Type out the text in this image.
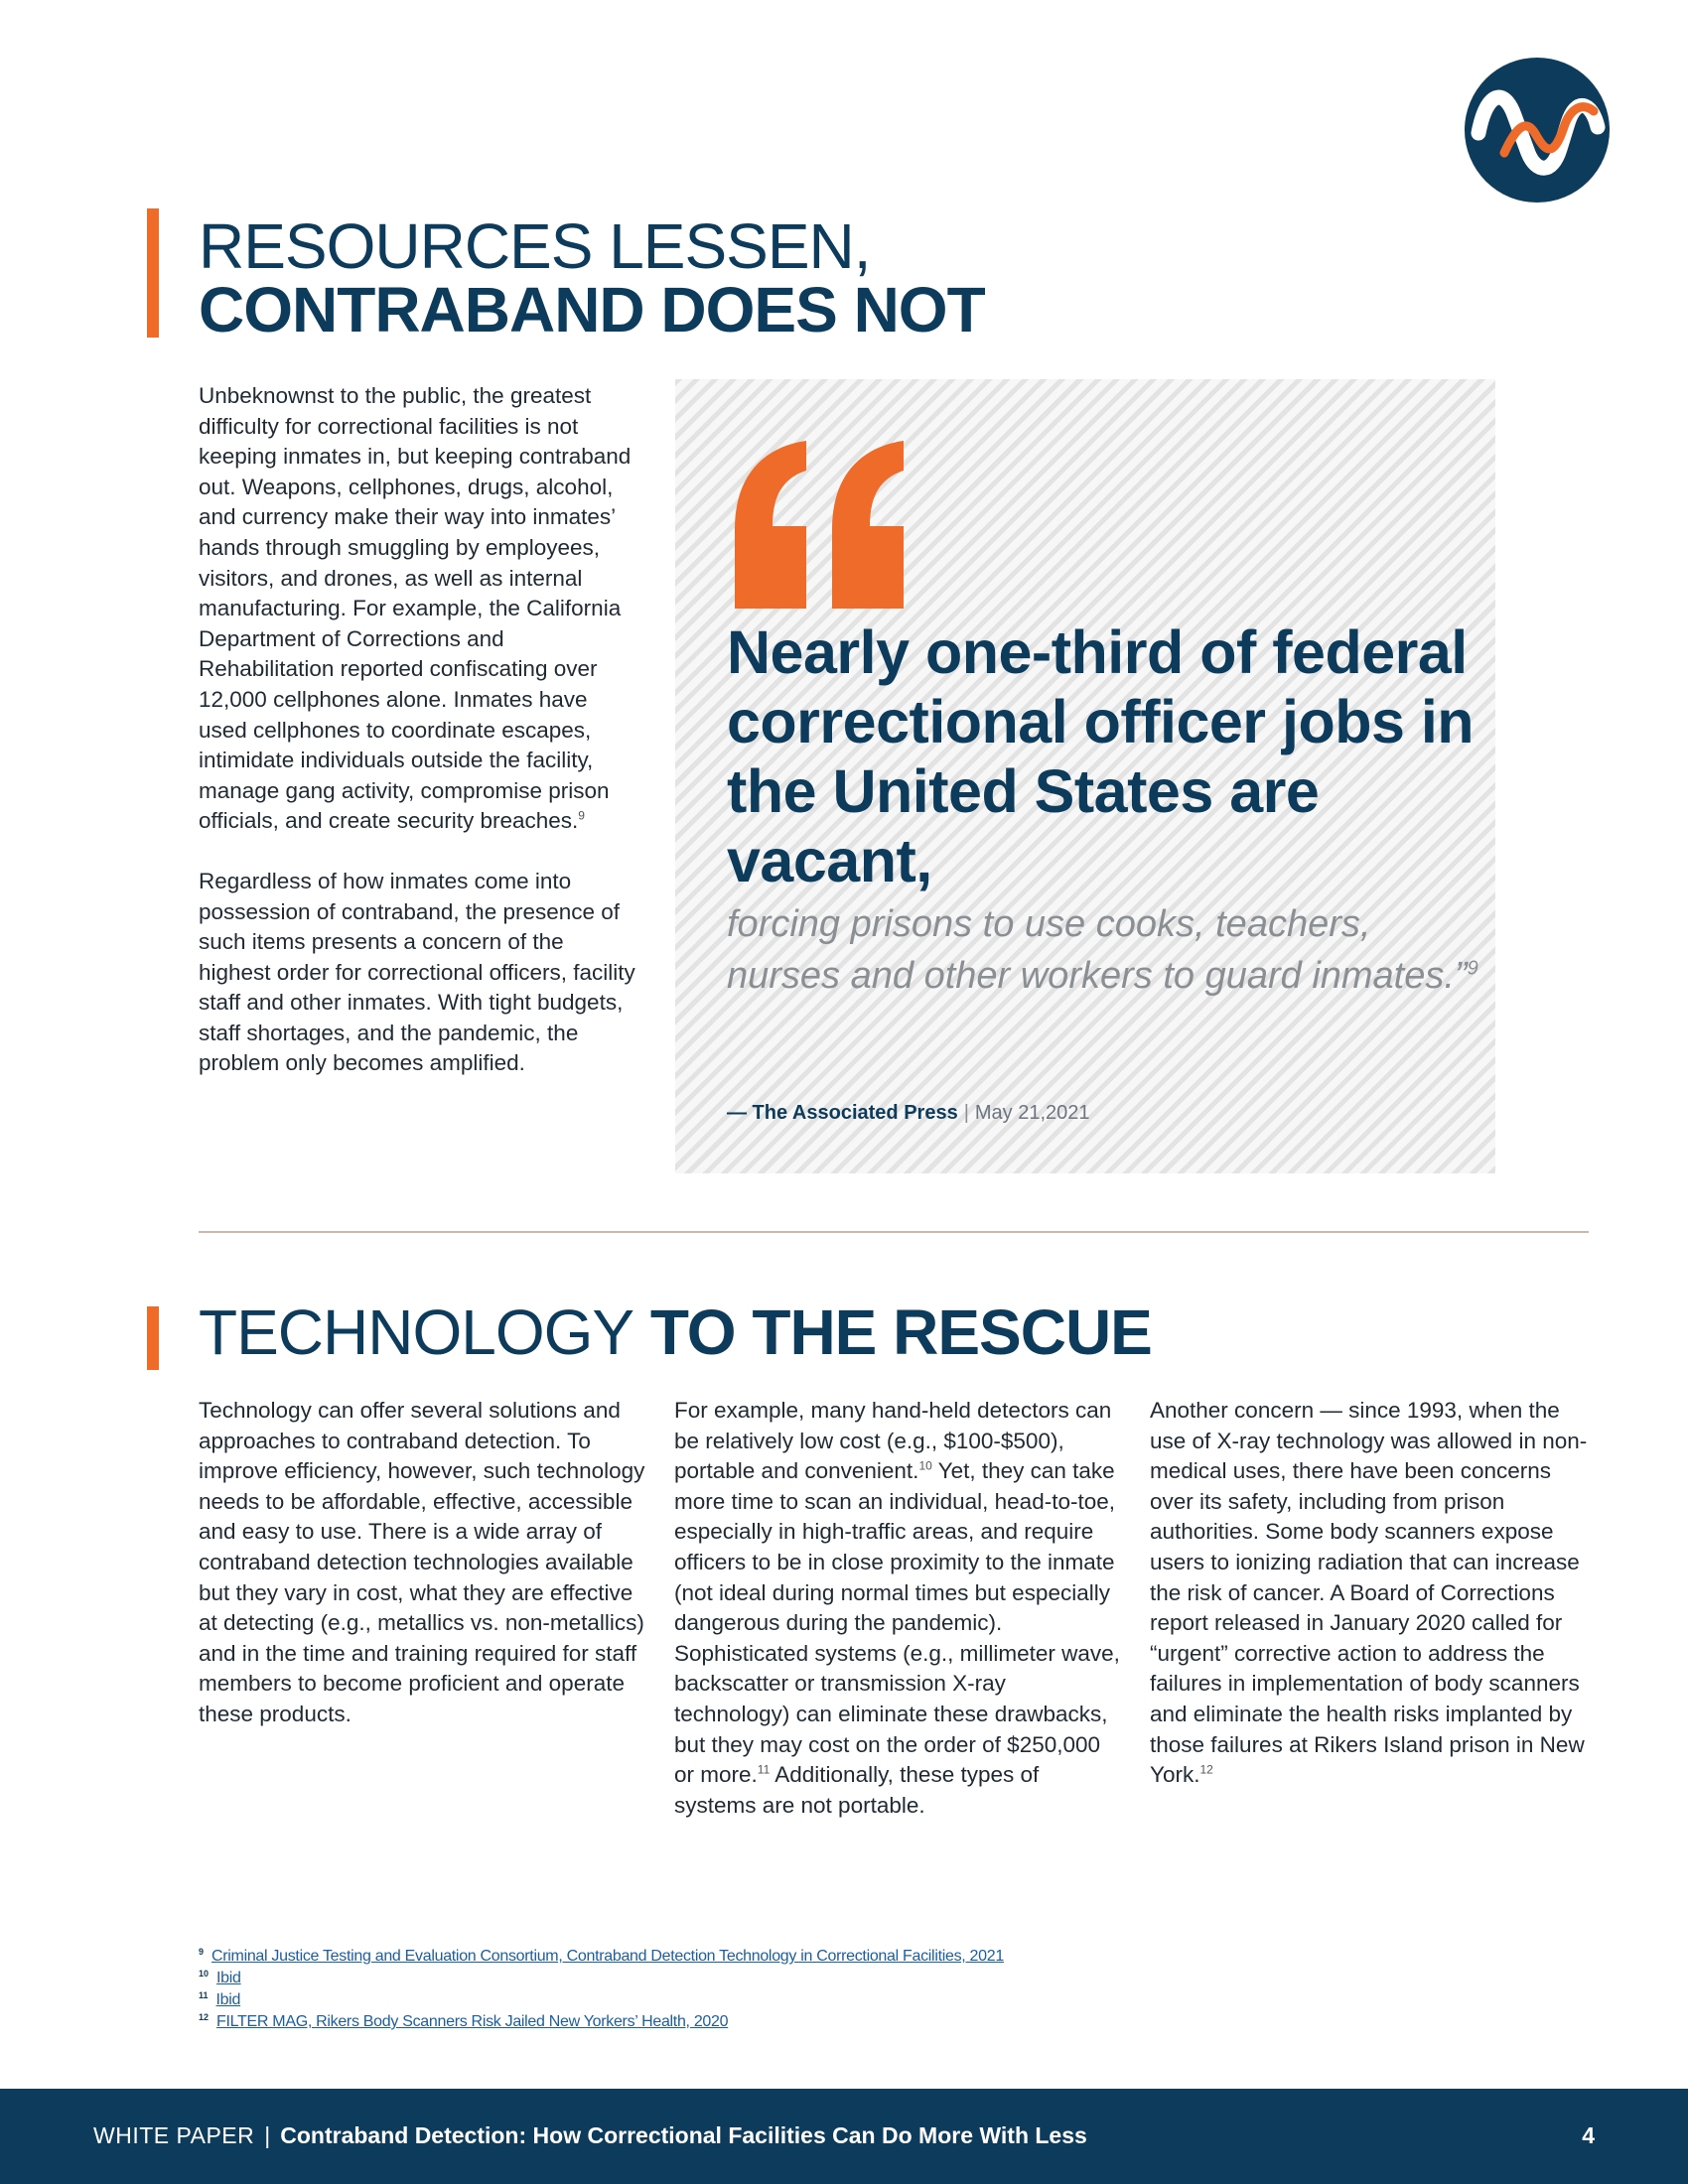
RESOURCES LESSEN,
CONTRABAND DOES NOT

Unbeknownst to the public, the greatest difficulty for correctional facilities is not keeping inmates in, but keeping contraband out. Weapons, cellphones, drugs, alcohol, and currency make their way into inmates’ hands through smuggling by employees, visitors, and drones, as well as internal manufacturing. For example, the California Department of Corrections and Rehabilitation reported confiscating over 12,000 cellphones alone. Inmates have used cellphones to coordinate escapes, intimidate individuals outside the facility, manage gang activity, compromise prison officials, and create security breaches.$^9$

Regardless of how inmates come into possession of contraband, the presence of such items presents a concern of the highest order for correctional officers, facility staff and other inmates. With tight budgets, staff shortages, and the pandemic, the problem only becomes amplified.

Nearly one-third of federal correctional officer jobs in the United States are vacant,
forcing prisons to use cooks, teachers, nurses and other workers to guard inmates.”$^9$
— The Associated Press | May 21,2021
TECHNOLOGY TO THE RESCUE

Technology can offer several solutions and approaches to contraband detection. To improve efficiency, however, such technology needs to be affordable, effective, accessible and easy to use. There is a wide array of contraband detection technologies available but they vary in cost, what they are effective at detecting (e.g., metallics vs. non-metallics) and in the time and training required for staff members to become proficient and operate these products.

For example, many hand-held detectors can be relatively low cost (e.g., $100-$500), portable and convenient.$^{10}$ Yet, they can take more time to scan an individual, head-to-toe, especially in high-traffic areas, and require officers to be in close proximity to the inmate (not ideal during normal times but especially dangerous during the pandemic). Sophisticated systems (e.g., millimeter wave, backscatter or transmission X-ray technology) can eliminate these drawbacks, but they may cost on the order of $250,000 or more.$^{11}$ Additionally, these types of systems are not portable.

Another concern — since 1993, when the use of X-ray technology was allowed in non-medical uses, there have been concerns over its safety, including from prison authorities. Some body scanners expose users to ionizing radiation that can increase the risk of cancer. A Board of Corrections report released in January 2020 called for “urgent” corrective action to address the failures in implementation of body scanners and eliminate the health risks implanted by those failures at Rikers Island prison in New York.$^{12}$

$^9$ Criminal Justice Testing and Evaluation Consortium, Contraband Detection Technology in Correctional Facilities, 2021
$^{10}$ Ibid
$^{11}$ Ibid
$^{12}$ FILTER MAG, Rikers Body Scanners Risk Jailed New Yorkers’ Health, 2020
WHITE PAPER | Contraband Detection: How Correctional Facilities Can Do More With Less	4
